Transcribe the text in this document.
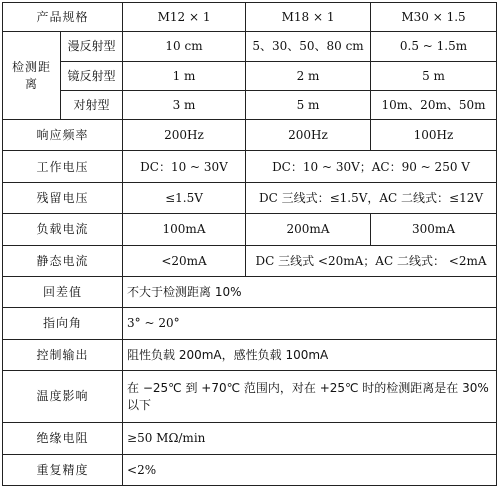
产品规格		M12 × 1	M18 × 1	M30 × 1.5
检测距离	漫反射型	10 cm	5、30、50、80 cm	0.5 ~ 1.5m
	镜反射型	1 m	2 m	5 m
	对射型	3 m	5 m	10m、20m、50m
响应频率		200Hz	200Hz	100Hz
工作电压		DC：10 ~ 30V	DC：10 ~ 30V；AC：90 ~ 250 V	
残留电压		≤1.5V	DC 三线式：≤1.5V，AC 二线式：≤12V	
负载电流		100mA	200mA	300mA
静态电流		<20mA	DC 三线式 <20mA；AC 二线式： <2mA	
回差值		不大于检测距离 10%		
指向角		3° ~ 20°		
控制输出		阻性负载 200mA，感性负载 100mA		
温度影响		在 −25℃ 到 +70℃ 范围内，对在 +25℃ 时的检测距离是在 30% 以下		
绝缘电阻		≥50 MΩ/min		
重复精度		<2%		
